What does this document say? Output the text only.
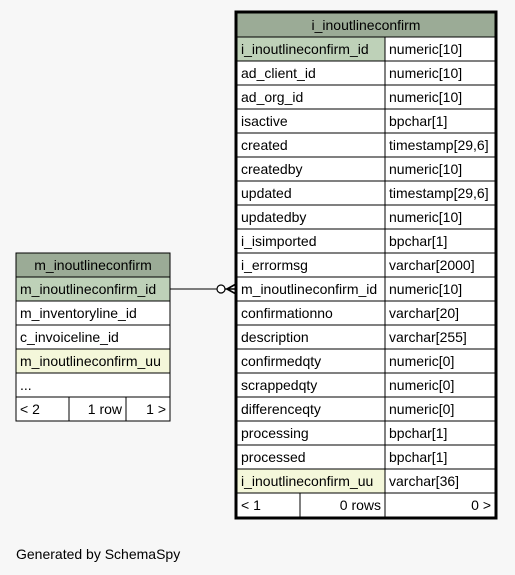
m_inoutlineconfirm
m_inoutlineconfirm_id
m_inventoryline_id
c_invoiceline_id
m_inoutlineconfirm_uu
...
< 2	1 row	1 >
i_inoutlineconfirm
i_inoutlineconfirm_id	numeric[10]
ad_client_id	numeric[10]
ad_org_id	numeric[10]
isactive	bpchar[1]
created	timestamp[29,6]
createdby	numeric[10]
updated	timestamp[29,6]
updatedby	numeric[10]
i_isimported	bpchar[1]
i_errormsg	varchar[2000]
m_inoutlineconfirm_id numeric[10]
confirmationno	varchar[20]
description	varchar[255]
confirmedqty	numeric[0]
scrappedqty	numeric[0]
differenceqty	numeric[0]
processing	bpchar[1]
processed	bpchar[1]
i_inoutlineconfirm_uu	varchar[36]
< 1	0 rows	0 >
Generated by SchemaSpy
